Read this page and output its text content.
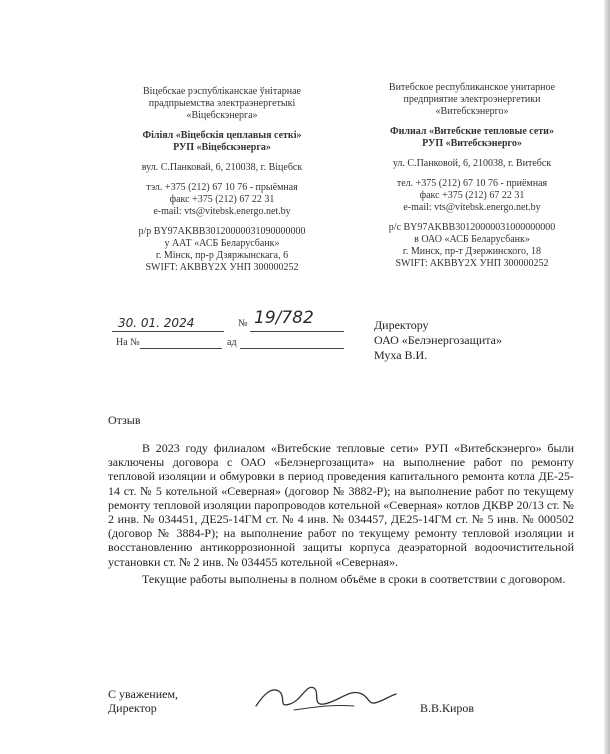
Віцебскае рэспубліканскае ўнітарнае
прадпрыемства электраэнергетыкі
«Віцебскэнерга»
Філіял «Віцебскія цеплавыя сеткі»
РУП «Віцебскэнерга»
вул. С.Панковай, 6, 210038, г. Віцебск
тэл. +375 (212) 67 10 76 - прыёмная
факс +375 (212) 67 22 31
e-mail: vts@vitebsk.energo.net.by
р/р BY97AKBB30120000031090000000
у ААТ «АСБ Беларусбанк»
г. Мінск, пр-р Дзяржынскага, 6
SWIFT: AKBBY2X УНП 300000252
Витебское республиканское унитарное
предприятие электроэнергетики
«Витебскэнерго»
Филиал «Витебские тепловые сети»
РУП «Витебскэнерго»
ул. С.Панковой, 6, 210038, г. Витебск
тел. +375 (212) 67 10 76 - приёмная
факс +375 (212) 67 22 31
e-mail: vts@vitebsk.energo.net.by
р/с BY97AKBB30120000031000000000
в ОАО «АСБ Беларусбанк»
г. Минск, пр-т Дзержинского, 18
SWIFT: AKBBY2X УНП 300000252
30. 01. 2024	№ 19/782
На №	ад
Директору
ОАО «Белэнергозащита»
Муха В.И.
Отзыв

В 2023 году филиалом «Витебские тепловые сети» РУП «Витебскэнерго» были заключены договора с ОАО «Белэнергозащита» на выполнение работ по ремонту тепловой изоляции и обмуровки в период проведения капитального ремонта котла ДЕ-25-14 ст. № 5 котельной «Северная» (договор № 3882-Р); на выполнение работ по текущему ремонту тепловой изоляции паропроводов котельной «Северная» котлов ДКВР 20/13 ст. № 2 инв. № 034451, ДЕ25-14ГМ ст. № 4 инв. № 034457, ДЕ25-14ГМ ст. № 5 инв. № 000502 (договор № 3884-Р); на выполнение работ по текущему ремонту тепловой изоляции и восстановлению антикоррозионной защиты корпуса деаэраторной водоочистительной установки ст. № 2 инв. № 034455 котельной «Северная».

Текущие работы выполнены в полном объёме в сроки в соответствии с договором.

С уважением,
Директор	В.В.Киров
